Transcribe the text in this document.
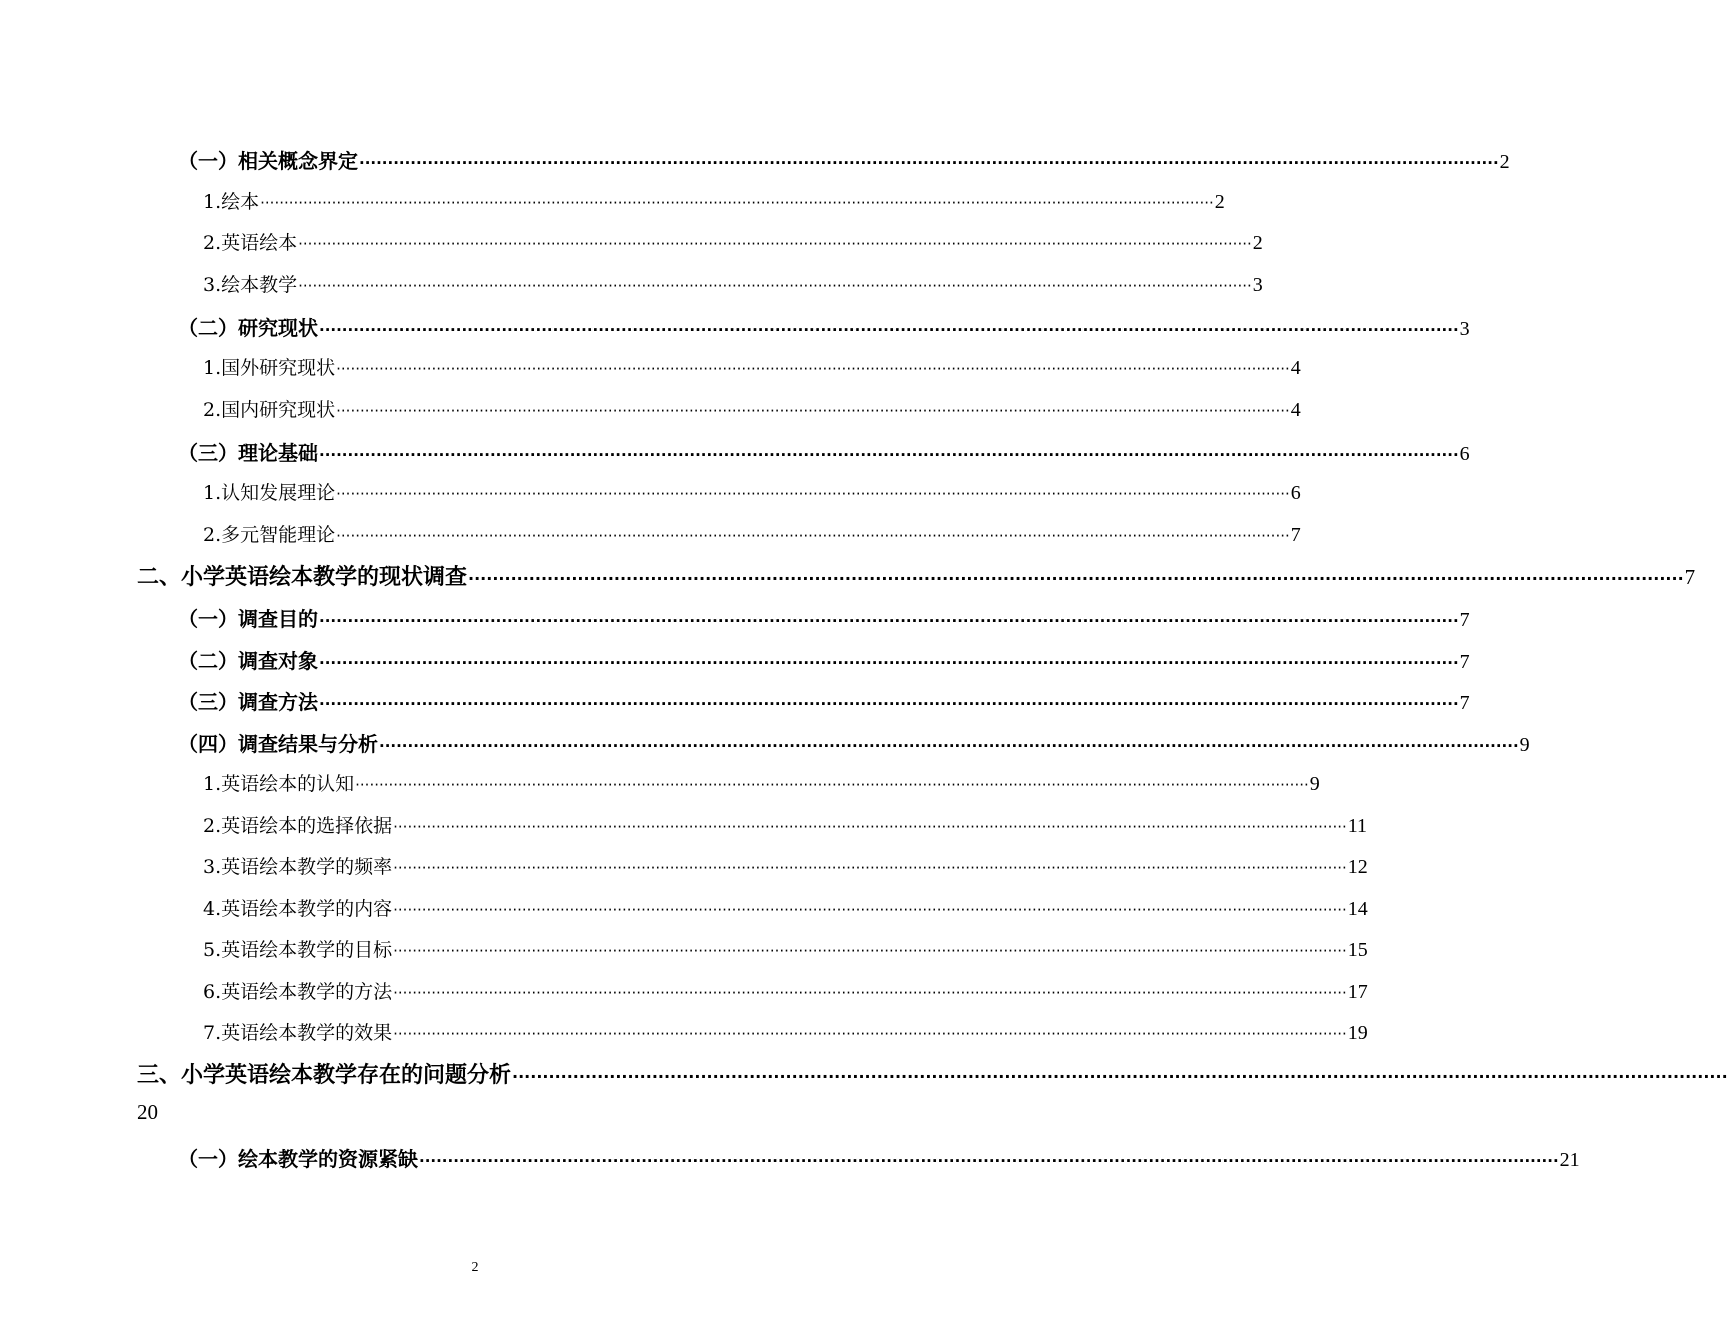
（一）相关概念界定 ········································································································································································································ 2
1.绘本 ········································································································································································································ 2
2.英语绘本 ········································································································································································································ 2
3.绘本教学 ········································································································································································································ 3
（二）研究现状 ········································································································································································································ 3
1.国外研究现状 ········································································································································································································ 4
2.国内研究现状 ········································································································································································································ 4
（三）理论基础 ········································································································································································································ 6
1.认知发展理论 ········································································································································································································ 6
2.多元智能理论 ········································································································································································································ 7
二、小学英语绘本教学的现状调查 ········································································································································································································ 7
（一）调查目的 ········································································································································································································ 7
（二）调查对象 ········································································································································································································ 7
（三）调查方法 ········································································································································································································ 7
（四）调查结果与分析 ········································································································································································································ 9
1.英语绘本的认知 ········································································································································································································ 9
2.英语绘本的选择依据 ········································································································································································································ 11
3.英语绘本教学的频率 ········································································································································································································ 12
4.英语绘本教学的内容 ········································································································································································································ 14
5.英语绘本教学的目标 ········································································································································································································ 15
6.英语绘本教学的方法 ········································································································································································································ 17
7.英语绘本教学的效果 ········································································································································································································ 19
20
三、小学英语绘本教学存在的问题分析 ········································································································································································································
（一）绘本教学的资源紧缺 ········································································································································································································ 21
2
